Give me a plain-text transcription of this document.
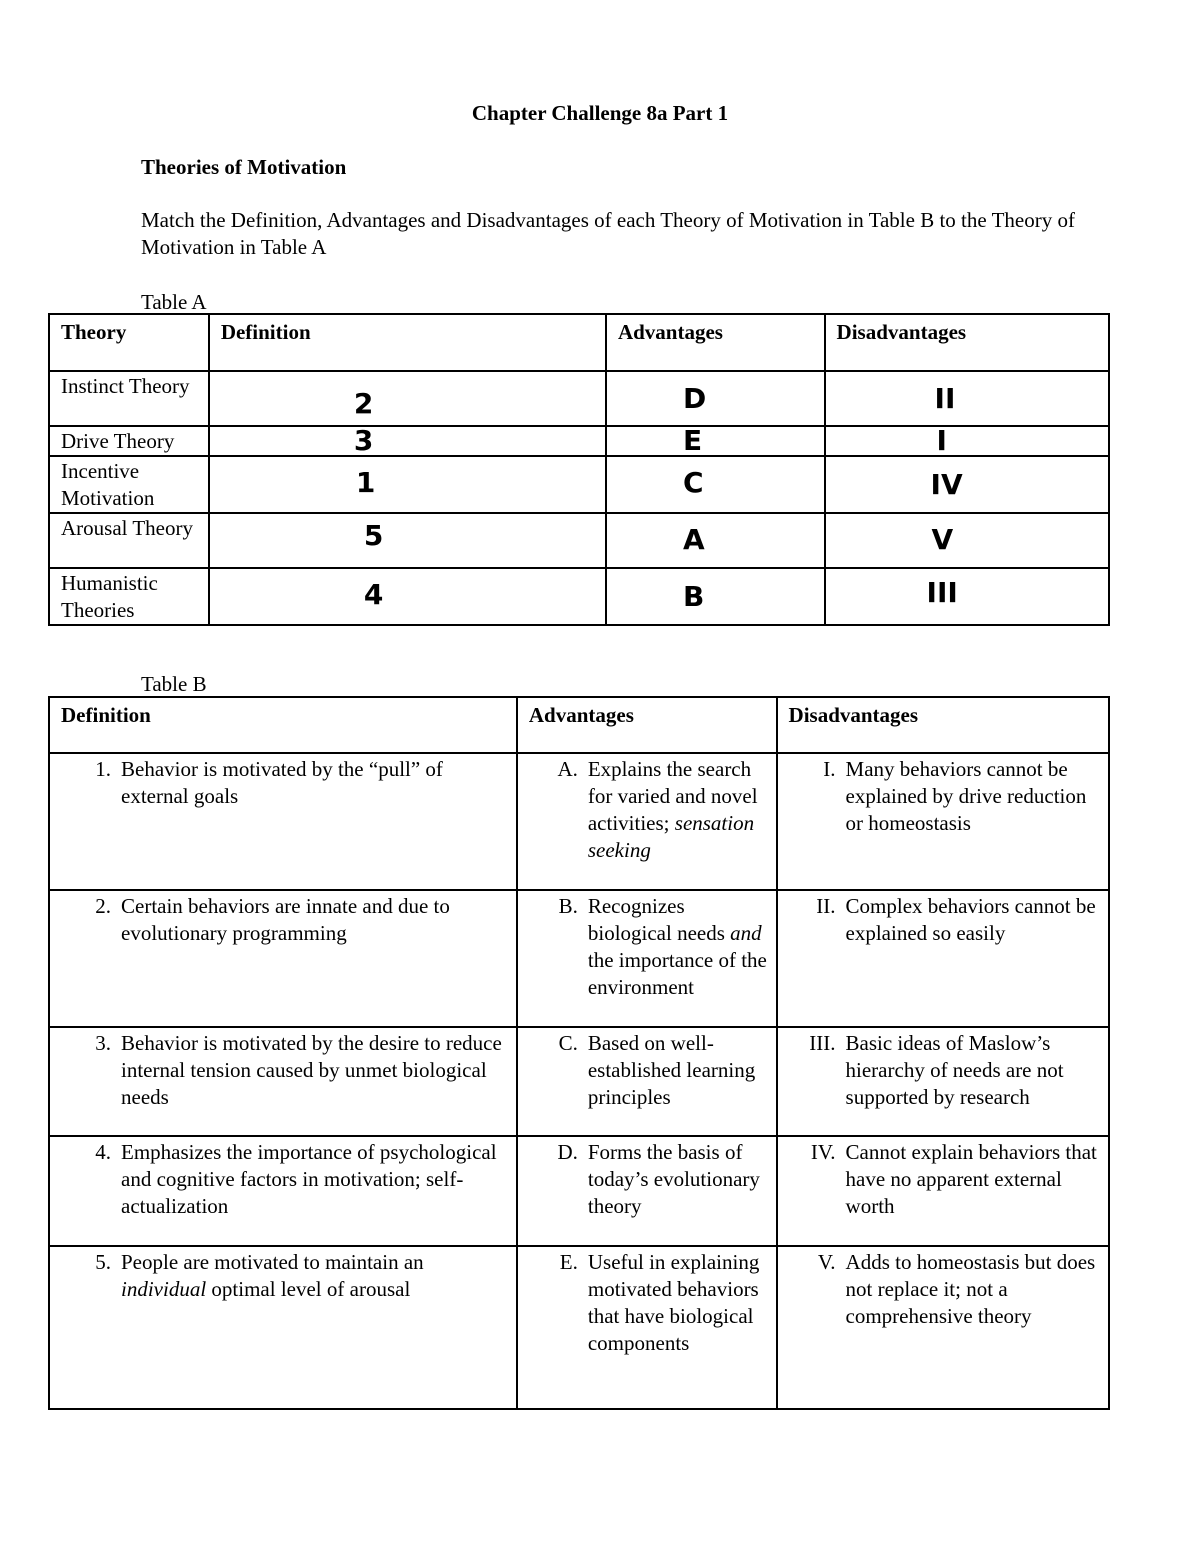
Chapter Challenge 8a Part 1
Theories of Motivation
Match the Definition, Advantages and Disadvantages of each Theory of Motivation in Table B to the Theory of Motivation in Table A
Table A
Theory	Definition	Advantages	Disadvantages
Instinct Theory	2	D	II

Drive Theory	3	E	I

Incentive Motivation	1	C	IV

Arousal Theory	5	A	V

Humanistic Theories	4	B	III
Table B
Definition	Advantages	Disadvantages

1. Behavior is motivated by the “pull” of external goals	A. Explains the search for varied and novel activities; sensation seeking	I. Many behaviors cannot be explained by drive reduction or homeostasis

2. Certain behaviors are innate and due to evolutionary programming	B. Recognizes biological needs and the importance of the environment	II. Complex behaviors cannot be explained so easily

3. Behavior is motivated by the desire to reduce internal tension caused by unmet biological needs	C. Based on well-established learning principles	III. Basic ideas of Maslow’s hierarchy of needs are not supported by research

4. Emphasizes the importance of psychological and cognitive factors in motivation; self-actualization	D. Forms the basis of today’s evolutionary theory	IV. Cannot explain behaviors that have no apparent external worth

5. People are motivated to maintain an individual optimal level of arousal	E. Useful in explaining motivated behaviors that have biological components	V. Adds to homeostasis but does not replace it; not a comprehensive theory
